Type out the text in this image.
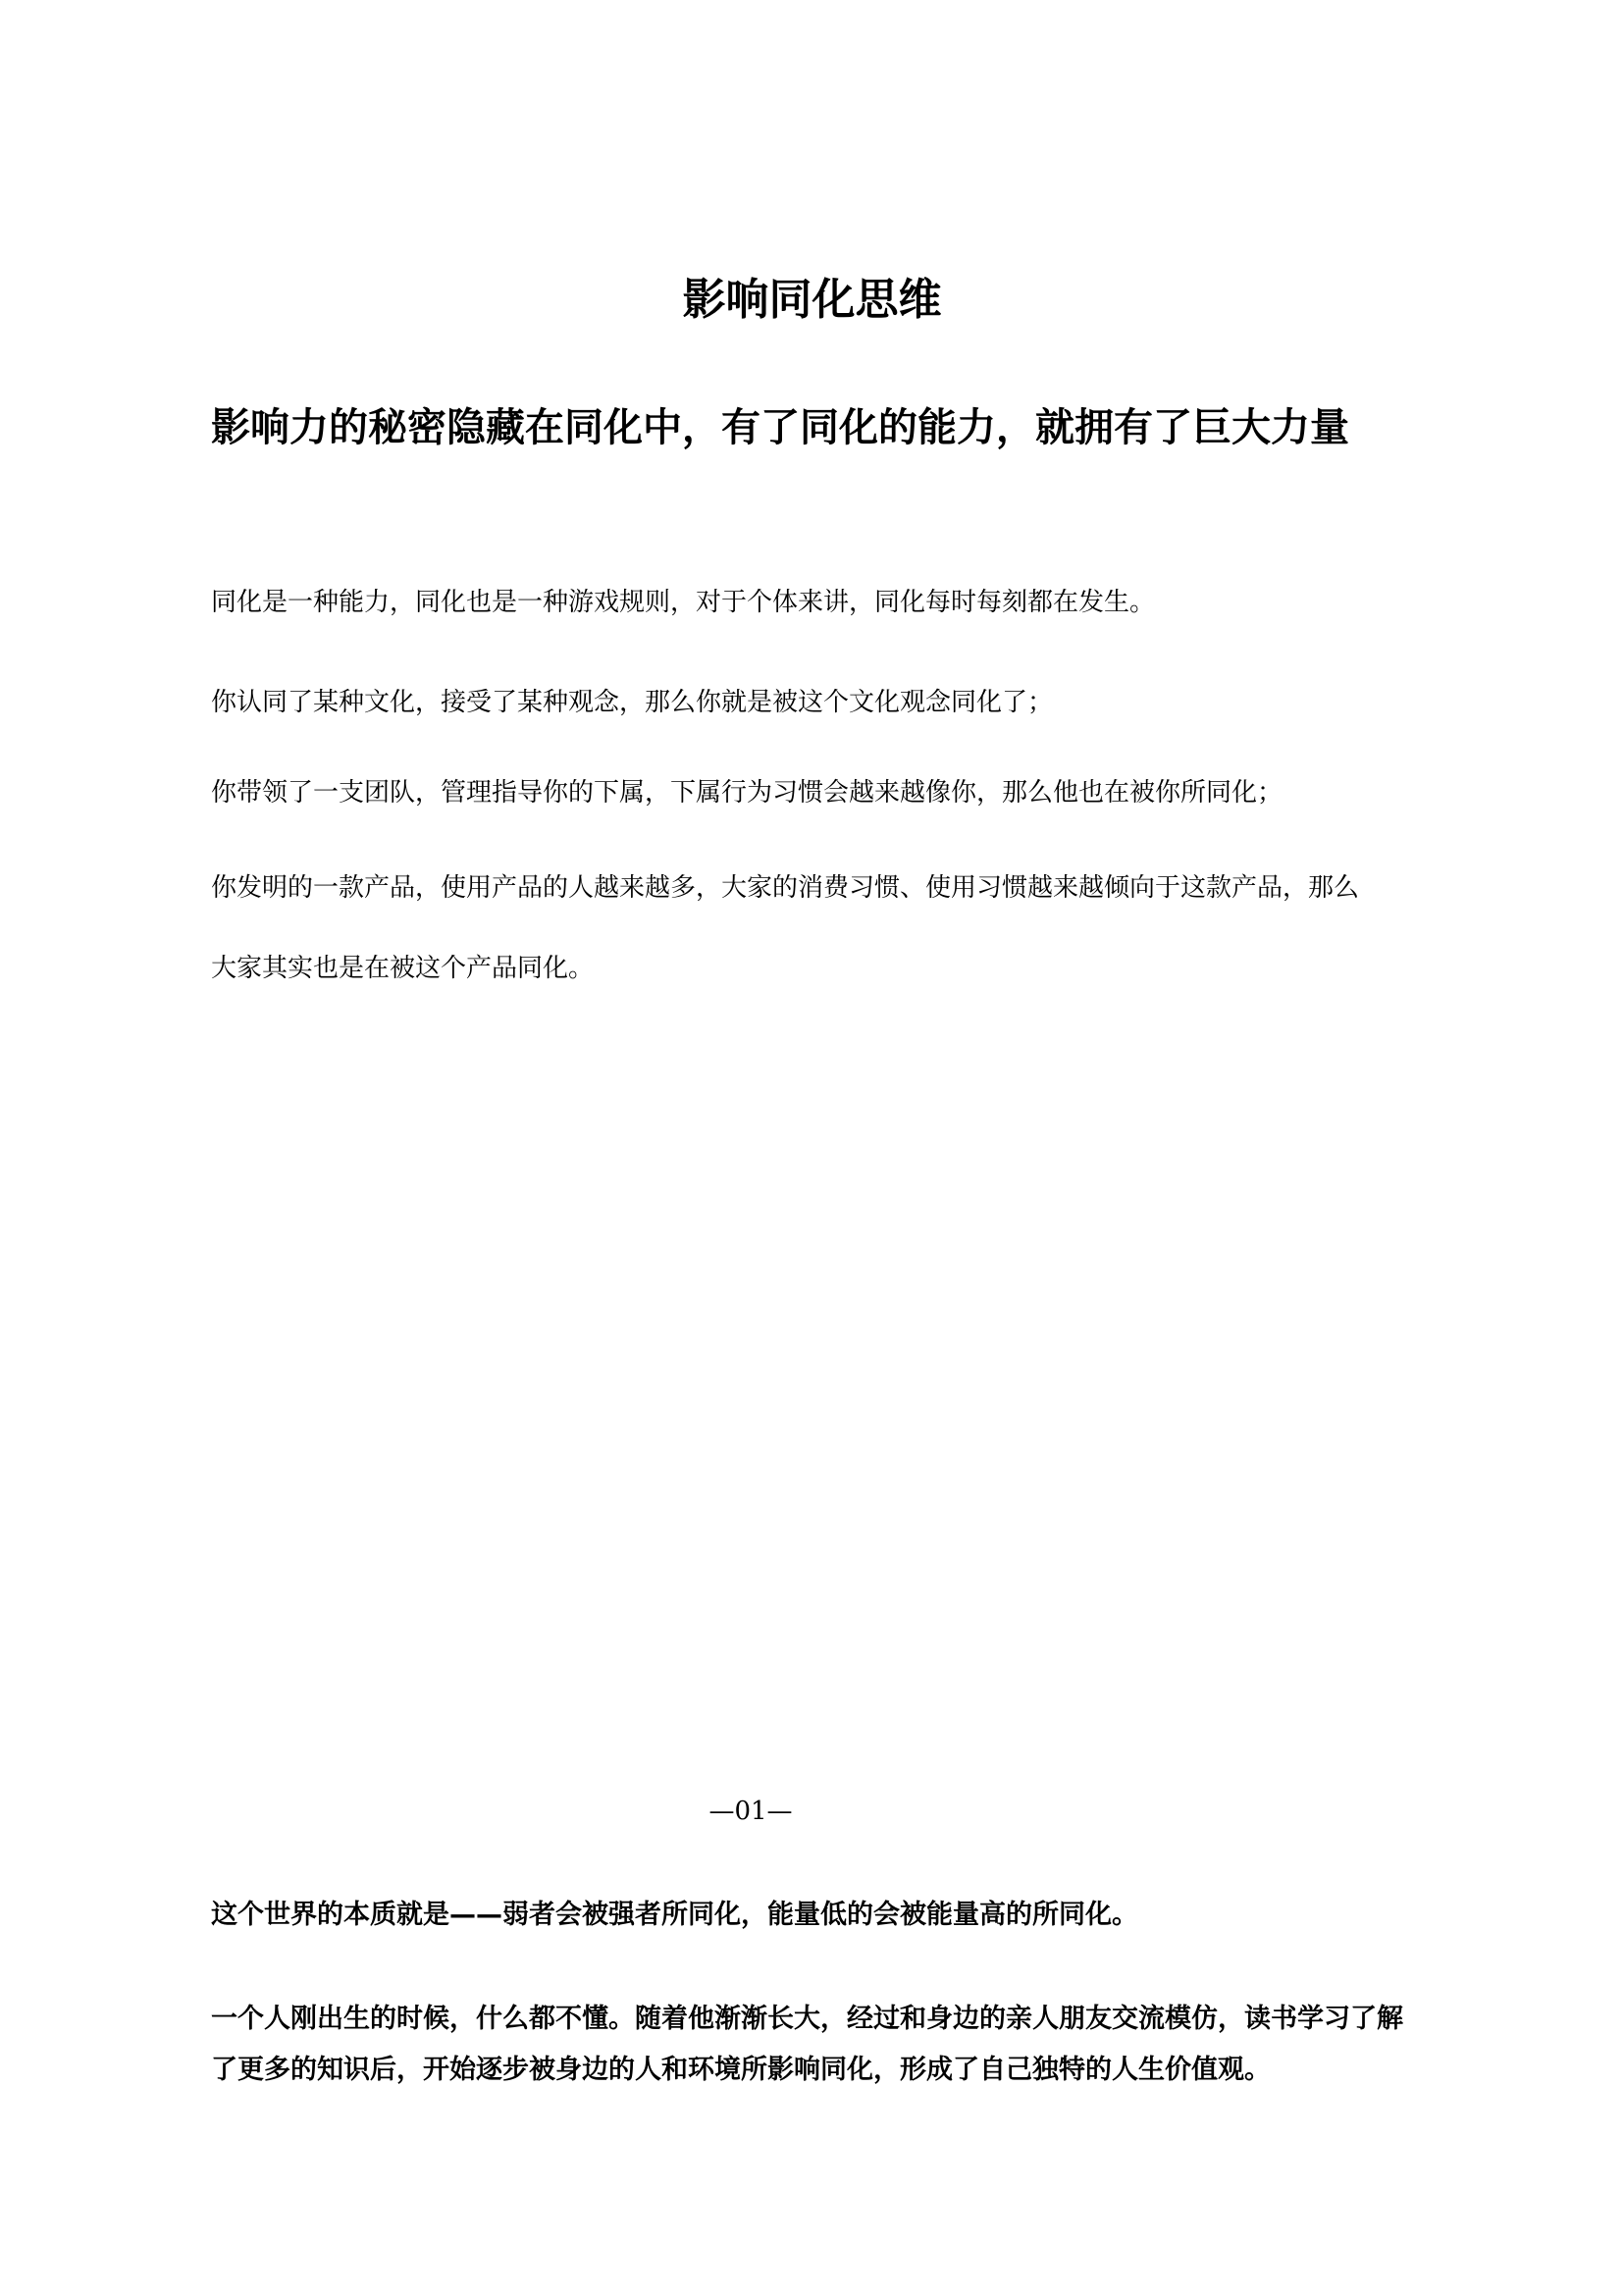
影响同化思维
影响力的秘密隐藏在同化中，有了同化的能力，就拥有了巨大力量

同化是一种能力，同化也是一种游戏规则，对于个体来讲，同化每时每刻都在发生。

你认同了某种文化，接受了某种观念，那么你就是被这个文化观念同化了；

你带领了一支团队，管理指导你的下属，下属行为习惯会越来越像你，那么他也在被你所同化；

你发明的一款产品，使用产品的人越来越多，大家的消费习惯、使用习惯越来越倾向于这款产品，那么大家其实也是在被这个产品同化。

—01—

这个世界的本质就是——弱者会被强者所同化，能量低的会被能量高的所同化。

一个人刚出生的时候，什么都不懂。随着他渐渐长大，经过和身边的亲人朋友交流模仿，读书学习了解了更多的知识后，开始逐步被身边的人和环境所影响同化，形成了自己独特的人生价值观。
